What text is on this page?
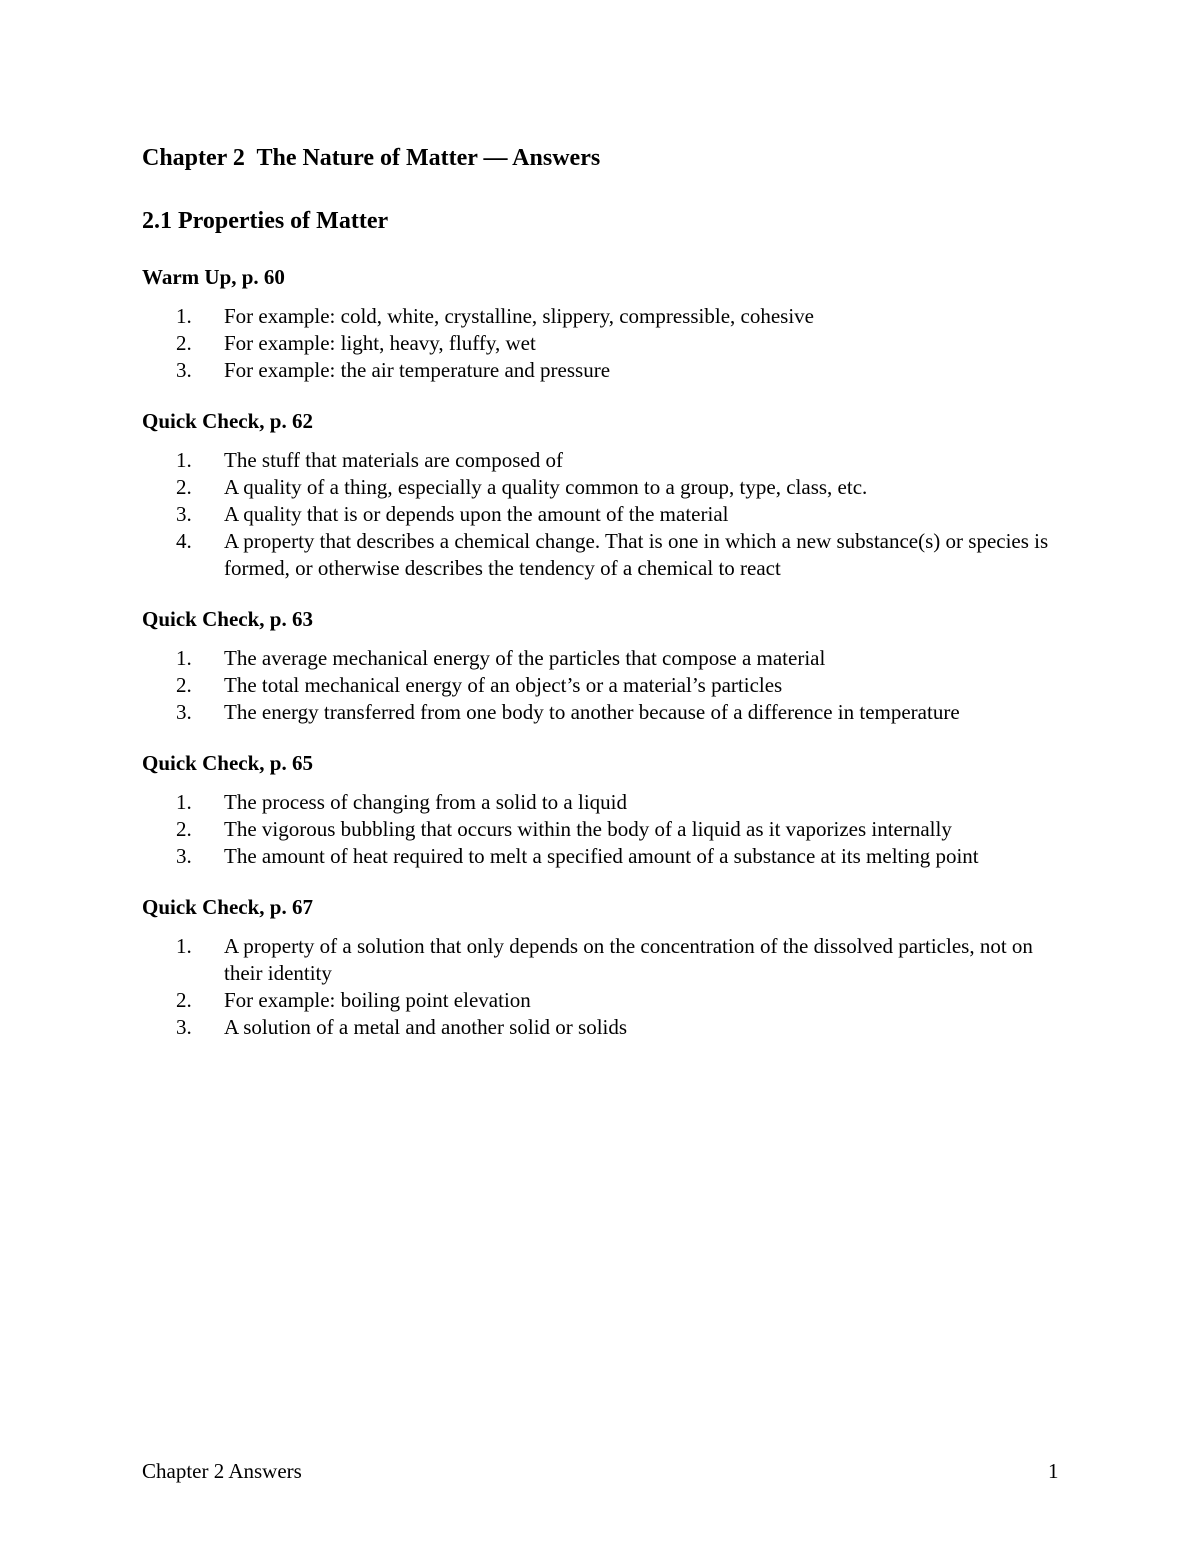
Chapter 2  The Nature of Matter — Answers
2.1 Properties of Matter
Warm Up, p. 60
1.	For example: cold, white, crystalline, slippery, compressible, cohesive
2.	For example: light, heavy, fluffy, wet
3.	For example: the air temperature and pressure
Quick Check, p. 62
1.	The stuff that materials are composed of
2.	A quality of a thing, especially a quality common to a group, type, class, etc.
3.	A quality that is or depends upon the amount of the material
4.	A property that describes a chemical change. That is one in which a new substance(s) or species is formed, or otherwise describes the tendency of a chemical to react
Quick Check, p. 63
1.	The average mechanical energy of the particles that compose a material
2.	The total mechanical energy of an object’s or a material’s particles
3.	The energy transferred from one body to another because of a difference in temperature
Quick Check, p. 65
1.	The process of changing from a solid to a liquid
2.	The vigorous bubbling that occurs within the body of a liquid as it vaporizes internally
3.	The amount of heat required to melt a specified amount of a substance at its melting point
Quick Check, p. 67
1.	A property of a solution that only depends on the concentration of the dissolved particles, not on their identity
2.	For example: boiling point elevation
3.	A solution of a metal and another solid or solids
Chapter 2 Answers	1
